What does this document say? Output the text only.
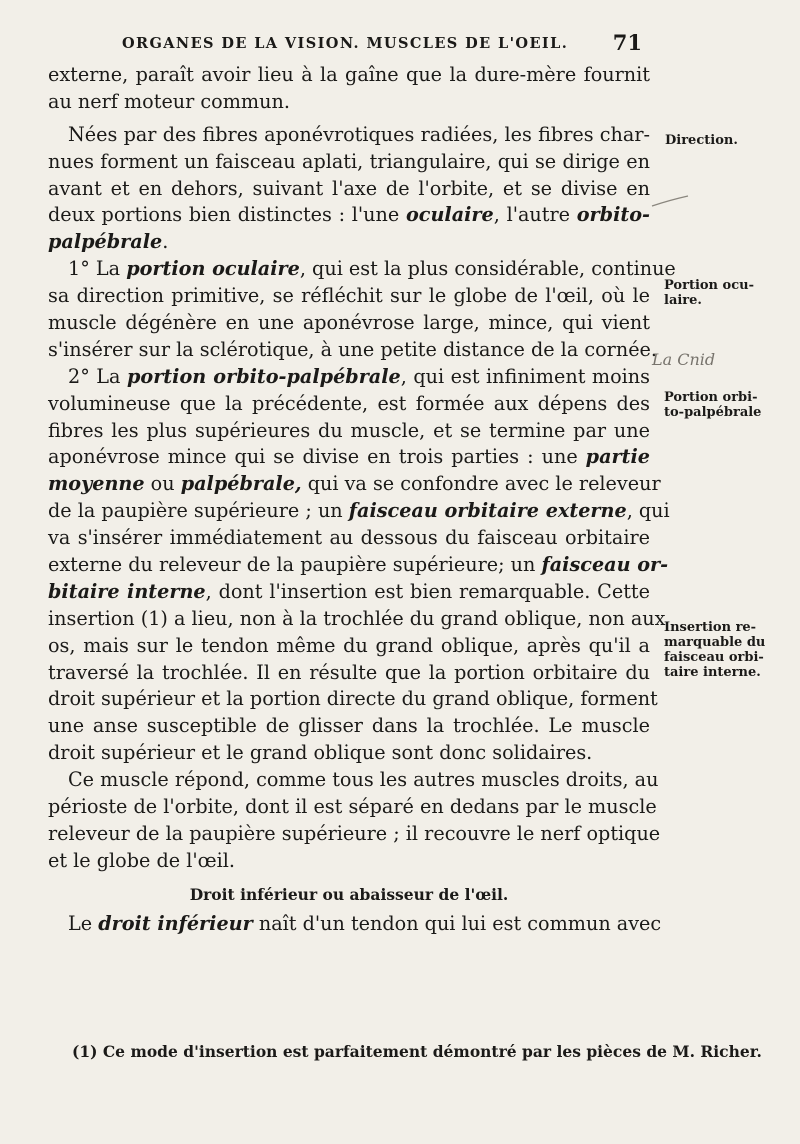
ORGANES DE LA VISION. MUSCLES DE L'OEIL. 71
externe, paraît avoir lieu à la gaîne que la dure-mère fournit
au nerf moteur commun.
Nées par des fibres aponévrotiques radiées, les fibres char-
nues forment un faisceau aplati, triangulaire, qui se dirige en
avant et en dehors, suivant l'axe de l'orbite, et se divise en
deux portions bien distinctes : l'une oculaire, l'autre orbito-
palpébrale.
1° La portion oculaire, qui est la plus considérable, continue
sa direction primitive, se réfléchit sur le globe de l'œil, où le
muscle dégénère en une aponévrose large, mince, qui vient
s'insérer sur la sclérotique, à une petite distance de la cornée.
2° La portion orbito-palpébrale, qui est infiniment moins
volumineuse que la précédente, est formée aux dépens des
fibres les plus supérieures du muscle, et se termine par une
aponévrose mince qui se divise en trois parties : une partie
moyenne ou palpébrale, qui va se confondre avec le releveur
de la paupière supérieure ; un faisceau orbitaire externe, qui
va s'insérer immédiatement au dessous du faisceau orbitaire
externe du releveur de la paupière supérieure; un faisceau or-
bitaire interne, dont l'insertion est bien remarquable. Cette
insertion (1) a lieu, non à la trochlée du grand oblique, non aux
os, mais sur le tendon même du grand oblique, après qu'il a
traversé la trochlée. Il en résulte que la portion orbitaire du
droit supérieur et la portion directe du grand oblique, forment
une anse susceptible de glisser dans la trochlée. Le muscle
droit supérieur et le grand oblique sont donc solidaires.
Ce muscle répond, comme tous les autres muscles droits, au
périoste de l'orbite, dont il est séparé en dedans par le muscle
releveur de la paupière supérieure ; il recouvre le nerf optique
et le globe de l'œil.
Droit inférieur ou abaisseur de l'œil.
Le droit inférieur naît d'un tendon qui lui est commun avec
(1) Ce mode d'insertion est parfaitement démontré par les pièces de M. Richer.
Direction.
Portion ocu-
laire.
Portion orbi-
to-palpébrale
Insertion re-
marquable du
faisceau orbi-
taire interne.
La Cnid
